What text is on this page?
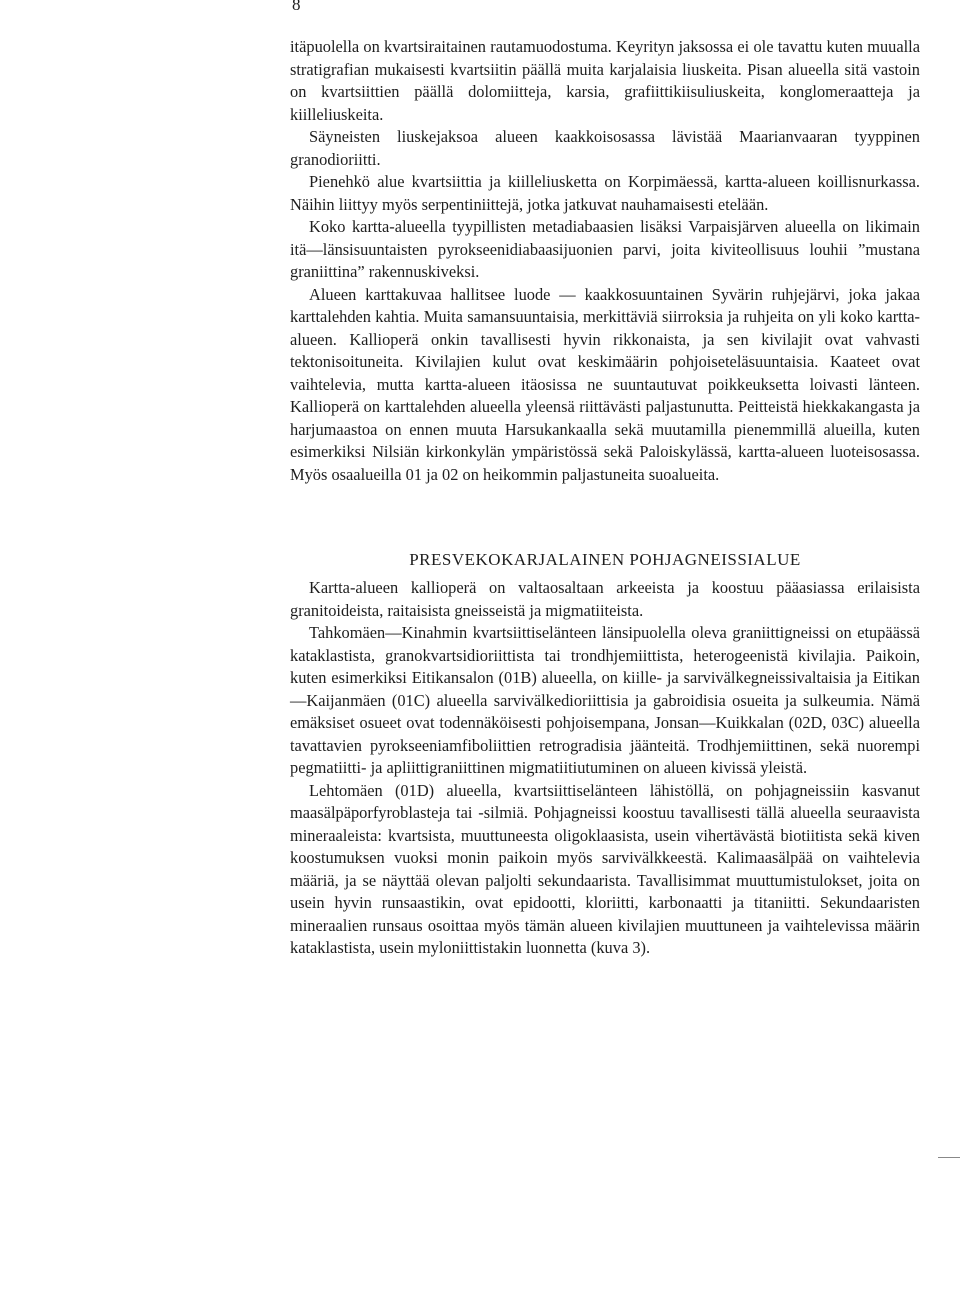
8

itäpuolella on kvartsiraitainen rautamuodostuma. Keyrityn jaksossa ei ole tavattu kuten muualla stratigrafian mukaisesti kvartsiitin päällä muita karjalaisia liuskeita. Pisan alueella sitä vastoin on kvartsiittien päällä dolomiitteja, karsia, grafiittikiisuliuskeita, konglomeraatteja ja kiilleliuskeita.

Säyneisten liuskejaksoa alueen kaakkoisosassa lävistää Maarianvaaran tyyppinen granodioriitti.

Pienehkö alue kvartsiittia ja kiilleliusketta on Korpimäessä, kartta-alueen koillisnurkassa. Näihin liittyy myös serpentiniittejä, jotka jatkuvat nauhamaisesti etelään.

Koko kartta-alueella tyypillisten metadiabaasien lisäksi Varpaisjärven alueella on likimain itä—länsisuuntaisten pyrokseenidiabaasijuonien parvi, joita kiviteollisuus louhii ”mustana graniittina” rakennuskiveksi.

Alueen karttakuvaa hallitsee luode — kaakkosuuntainen Syvärin ruhjejärvi, joka jakaa karttalehden kahtia. Muita samansuuntaisia, merkittäviä siirroksia ja ruhjeita on yli koko kartta-alueen. Kallioperä onkin tavallisesti hyvin rikkonaista, ja sen kivilajit ovat vahvasti tektonisoituneita. Kivilajien kulut ovat keskimäärin pohjoiseteläsuuntaisia. Kaateet ovat vaihtelevia, mutta kartta-alueen itäosissa ne suuntautuvat poikkeuksetta loivasti länteen. Kallioperä on karttalehden alueella yleensä riittävästi paljastunutta. Peitteistä hiekkakangasta ja harjumaastoa on ennen muuta Harsukankaalla sekä muutamilla pienemmillä alueilla, kuten esimerkiksi Nilsiän kirkonkylän ympäristössä sekä Paloiskylässä, kartta-alueen luoteisosassa. Myös osaalueilla 01 ja 02 on heikommin paljastuneita suoalueita.

PRESVEKOKARJALAINEN POHJAGNEISSIALUE

Kartta-alueen kallioperä on valtaosaltaan arkeeista ja koostuu pääasiassa erilaisista granitoideista, raitaisista gneisseistä ja migmatiiteista.

Tahkomäen—Kinahmin kvartsiittiselänteen länsipuolella oleva graniittigneissi on etupäässä kataklastista, granokvartsidioriittista tai trondhjemiittista, heterogeenistä kivilajia. Paikoin, kuten esimerkiksi Eitikansalon (01B) alueella, on kiille- ja sarvivälkegneissivaltaisia ja Eitikan—Kaijanmäen (01C) alueella sarvivälkedioriittisia ja gabroidisia osueita ja sulkeumia. Nämä emäksiset osueet ovat todennäköisesti pohjoisempana, Jonsan—Kuikkalan (02D, 03C) alueella tavattavien pyrokseeniamfiboliittien retrogradisia jäänteitä. Trodhjemiittinen, sekä nuorempi pegmatiitti- ja apliittigraniittinen migmatiitiutuminen on alueen kivissä yleistä.

Lehtomäen (01D) alueella, kvartsiittiselänteen lähistöllä, on pohjagneissiin kasvanut maasälpäporfyroblasteja tai -silmiä. Pohjagneissi koostuu tavallisesti tällä alueella seuraavista mineraaleista: kvartsista, muuttuneesta oligoklaasista, usein vihertävästä biotiitista sekä kiven koostumuksen vuoksi monin paikoin myös sarvivälkkeestä. Kalimaasälpää on vaihtelevia määriä, ja se näyttää olevan paljolti sekundaarista. Tavallisimmat muuttumistulokset, joita on usein hyvin runsaastikin, ovat epidootti, kloriitti, karbonaatti ja titaniitti. Sekundaaristen mineraalien runsaus osoittaa myös tämän alueen kivilajien muuttuneen ja vaihtelevissa määrin kataklastista, usein myloniittistakin luonnetta (kuva 3).
